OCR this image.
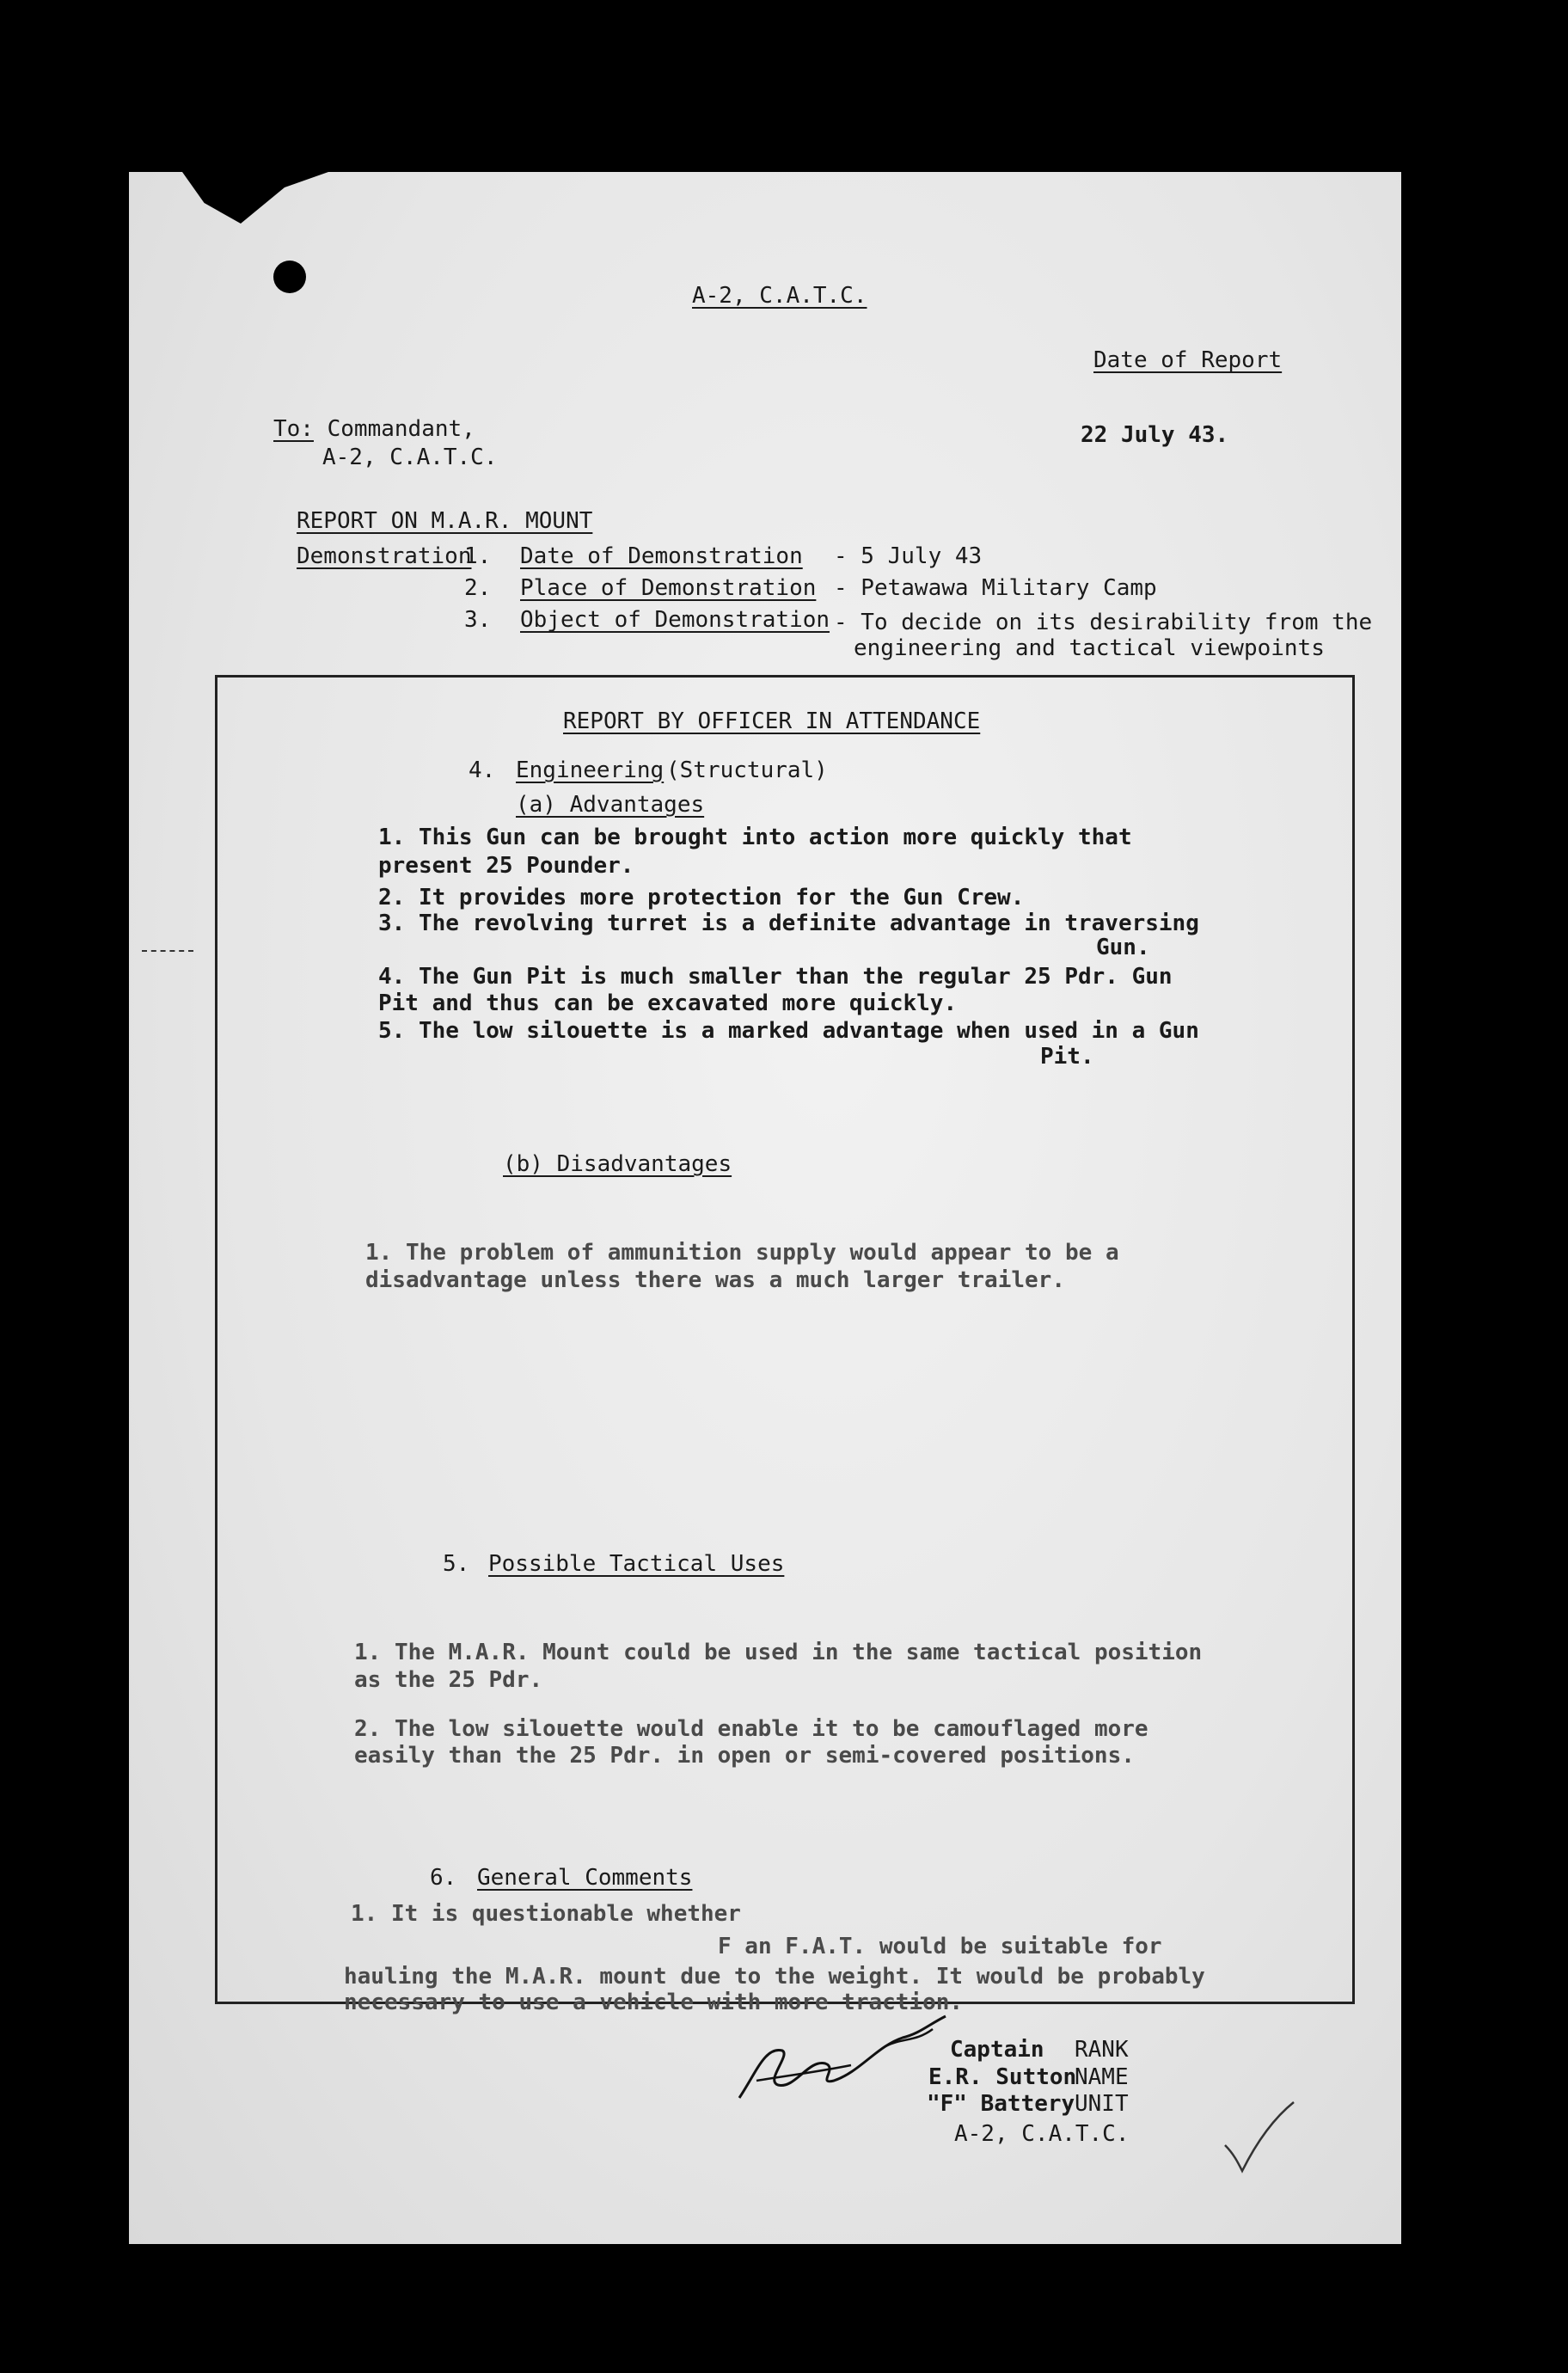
A-2, C.A.T.C.
Date of Report
22 July 43.
To: Commandant,
A-2, C.A.T.C.
REPORT ON M.A.R. MOUNT
Demonstration
1. Date of Demonstration - 5 July 43
2. Place of Demonstration - Petawawa Military Camp
3. Object of Demonstration - To decide on its desirability from the
engineering and tactical viewpoints
REPORT BY OFFICER IN ATTENDANCE
4. Engineering (Structural)
(a) Advantages
1. This Gun can be brought into action more quickly that
present 25 Pounder.
2. It provides more protection for the Gun Crew.
3. The revolving turret is a definite advantage in traversing
Gun.
4. The Gun Pit is much smaller than the regular 25 Pdr. Gun
Pit and thus can be excavated more quickly.
5. The low silouette is a marked advantage when used in a Gun
Pit.
(b) Disadvantages
1. The problem of ammunition supply would appear to be a
disadvantage unless there was a much larger trailer.
5. Possible Tactical Uses
1. The M.A.R. Mount could be used in the same tactical position
as the 25 Pdr.
2. The low silouette would enable it to be camouflaged more
easily than the 25 Pdr. in open or semi-covered positions.
6. General Comments
1. It is questionable whether
F an F.A.T. would be suitable for
hauling the M.A.R. mount due to the weight. It would be probably
necessary to use a vehicle with more traction.
Captain
E.R. Sutton
"F" Battery
A-2, C.A.T.C.
RANK
NAME
UNIT
